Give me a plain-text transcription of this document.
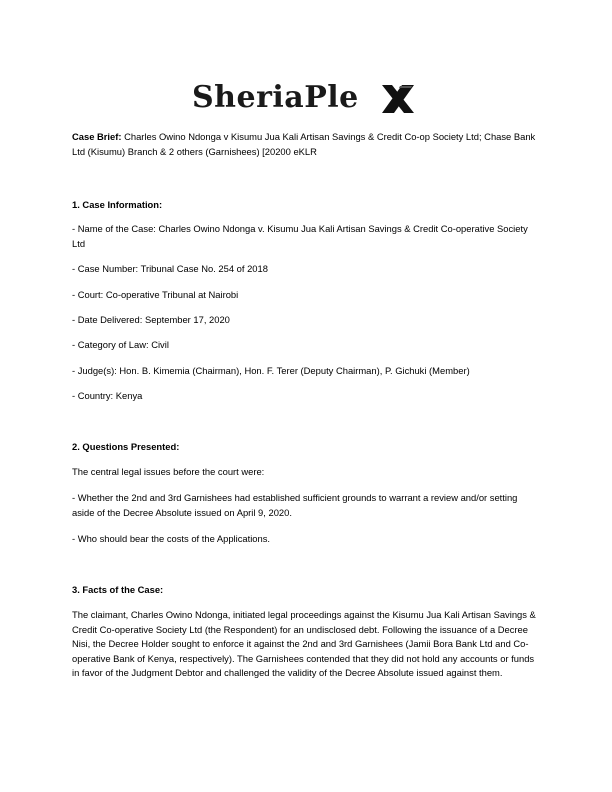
SheriaPle
Case Brief: Charles Owino Ndonga v Kisumu Jua Kali Artisan Savings & Credit Co-op Society Ltd; Chase Bank Ltd (Kisumu) Branch & 2 others (Garnishees) [20200 eKLR
1. Case Information:
- Name of the Case: Charles Owino Ndonga v. Kisumu Jua Kali Artisan Savings & Credit Co-operative Society Ltd
- Case Number: Tribunal Case No. 254 of 2018
- Court: Co-operative Tribunal at Nairobi
- Date Delivered: September 17, 2020
- Category of Law: Civil
- Judge(s): Hon. B. Kimemia (Chairman), Hon. F. Terer (Deputy Chairman), P. Gichuki (Member)
- Country: Kenya
2. Questions Presented:
The central legal issues before the court were:
- Whether the 2nd and 3rd Garnishees had established sufficient grounds to warrant a review and/or setting aside of the Decree Absolute issued on April 9, 2020.
- Who should bear the costs of the Applications.
3. Facts of the Case:
The claimant, Charles Owino Ndonga, initiated legal proceedings against the Kisumu Jua Kali Artisan Savings & Credit Co-operative Society Ltd (the Respondent) for an undisclosed debt. Following the issuance of a Decree Nisi, the Decree Holder sought to enforce it against the 2nd and 3rd Garnishees (Jamii Bora Bank Ltd and Co-operative Bank of Kenya, respectively). The Garnishees contended that they did not hold any accounts or funds in favor of the Judgment Debtor and challenged the validity of the Decree Absolute issued against them.
